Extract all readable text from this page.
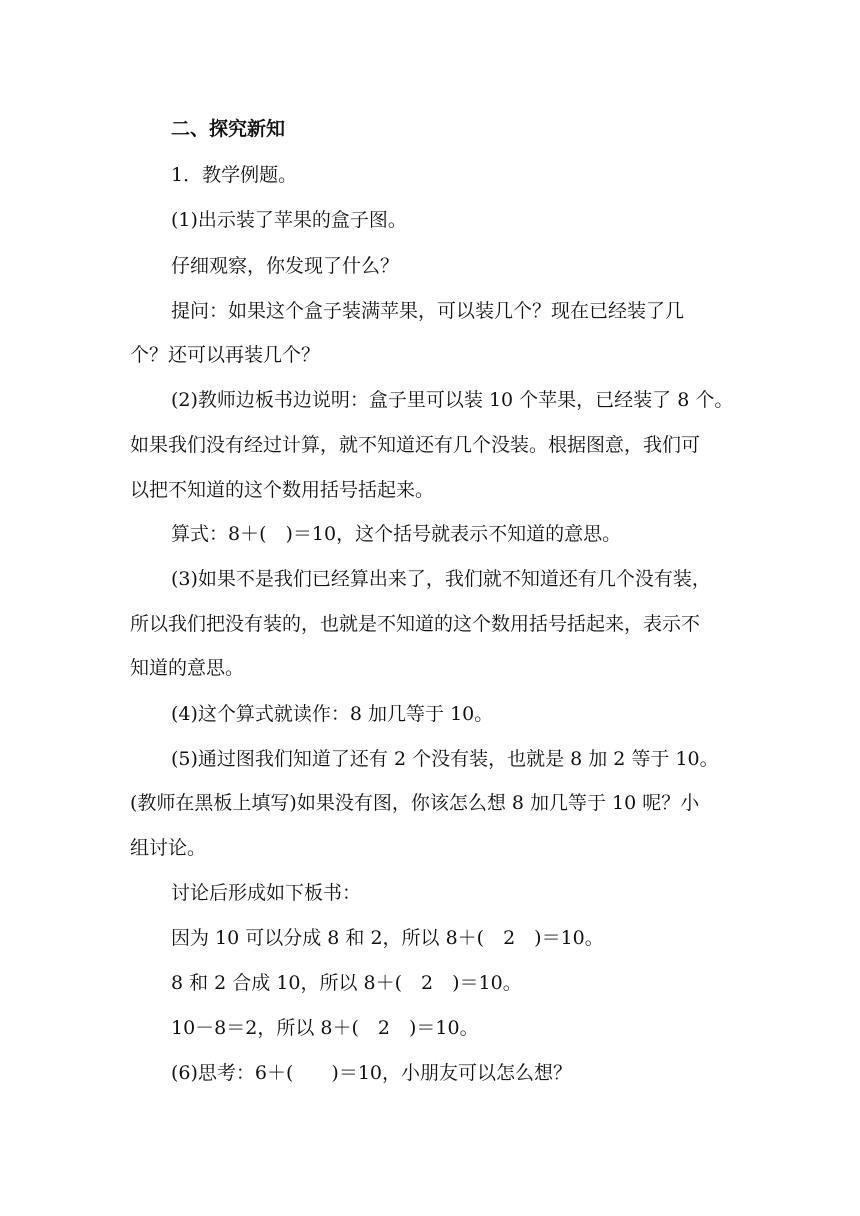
二、探究新知
1．教学例题。
(1)出示装了苹果的盒子图。
仔细观察，你发现了什么？
提问：如果这个盒子装满苹果，可以装几个？现在已经装了几
个？还可以再装几个？
(2)教师边板书边说明：盒子里可以装 10 个苹果，已经装了 8 个。
如果我们没有经过计算，就不知道还有几个没装。根据图意，我们可
以把不知道的这个数用括号括起来。
算式：8＋(　)＝10，这个括号就表示不知道的意思。
(3)如果不是我们已经算出来了，我们就不知道还有几个没有装，
所以我们把没有装的，也就是不知道的这个数用括号括起来，表示不
知道的意思。
(4)这个算式就读作：8 加几等于 10。
(5)通过图我们知道了还有 2 个没有装，也就是 8 加 2 等于 10。
(教师在黑板上填写)如果没有图，你该怎么想 8 加几等于 10 呢？小
组讨论。
讨论后形成如下板书：
因为 10 可以分成 8 和 2，所以 8＋(　2　)＝10。
8 和 2 合成 10，所以 8＋(　2　)＝10。
10－8＝2，所以 8＋(　2　)＝10。
(6)思考：6＋(　　)＝10，小朋友可以怎么想？
